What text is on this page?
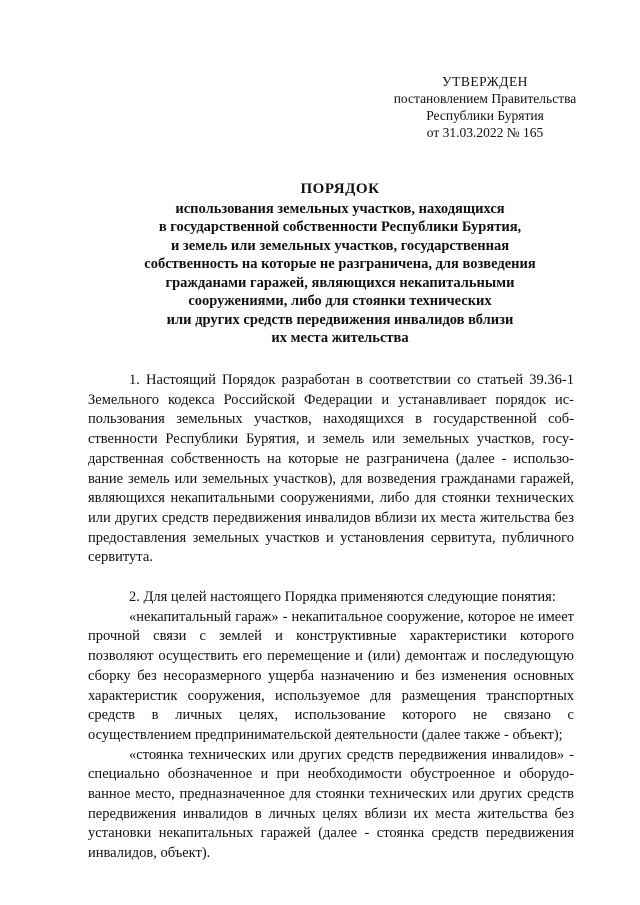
УТВЕРЖДЕН
постановлением Правительства
Республики Бурятия
от 31.03.2022 № 165
ПОРЯДОК
использования земельных участков, находящихся
в государственной собственности Республики Бурятия,
и земель или земельных участков, государственная
собственность на которые не разграничена, для возведения
гражданами гаражей, являющихся некапитальными
сооружениями, либо для стоянки технических
или других средств передвижения инвалидов вблизи
их места жительства

1. Настоящий Порядок разработан в соответствии со статьей 39.36-1 Земельного кодекса Российской Федерации и устанавливает порядок использования земельных участков, находящихся в государственной собственности Республики Бурятия, и земель или земельных участков, государственная собственность на которые не разграничена (далее - использование земель или земельных участков), для возведения гражданами гаражей, являющихся некапитальными сооружениями, либо для стоянки технических или других средств передвижения инвалидов вблизи их места жительства без предоставления земельных участков и установления сервитута, публичного сервитута.

2. Для целей настоящего Порядка применяются следующие понятия:

«некапитальный гараж» - некапитальное сооружение, которое не имеет прочной связи с землей и конструктивные характеристики которого позволяют осуществить его перемещение и (или) демонтаж и последующую сборку без несоразмерного ущерба назначению и без изменения основных характеристик сооружения, используемое для размещения транспортных средств в личных целях, использование которого не связано с осуществлением предпринимательской деятельности (далее также - объект);

«стоянка технических или других средств передвижения инвалидов» - специально обозначенное и при необходимости обустроенное и оборудованное место, предназначенное для стоянки технических или других средств передвижения инвалидов в личных целях вблизи их места жительства без установки некапитальных гаражей (далее - стоянка средств передвижения инвалидов, объект).
